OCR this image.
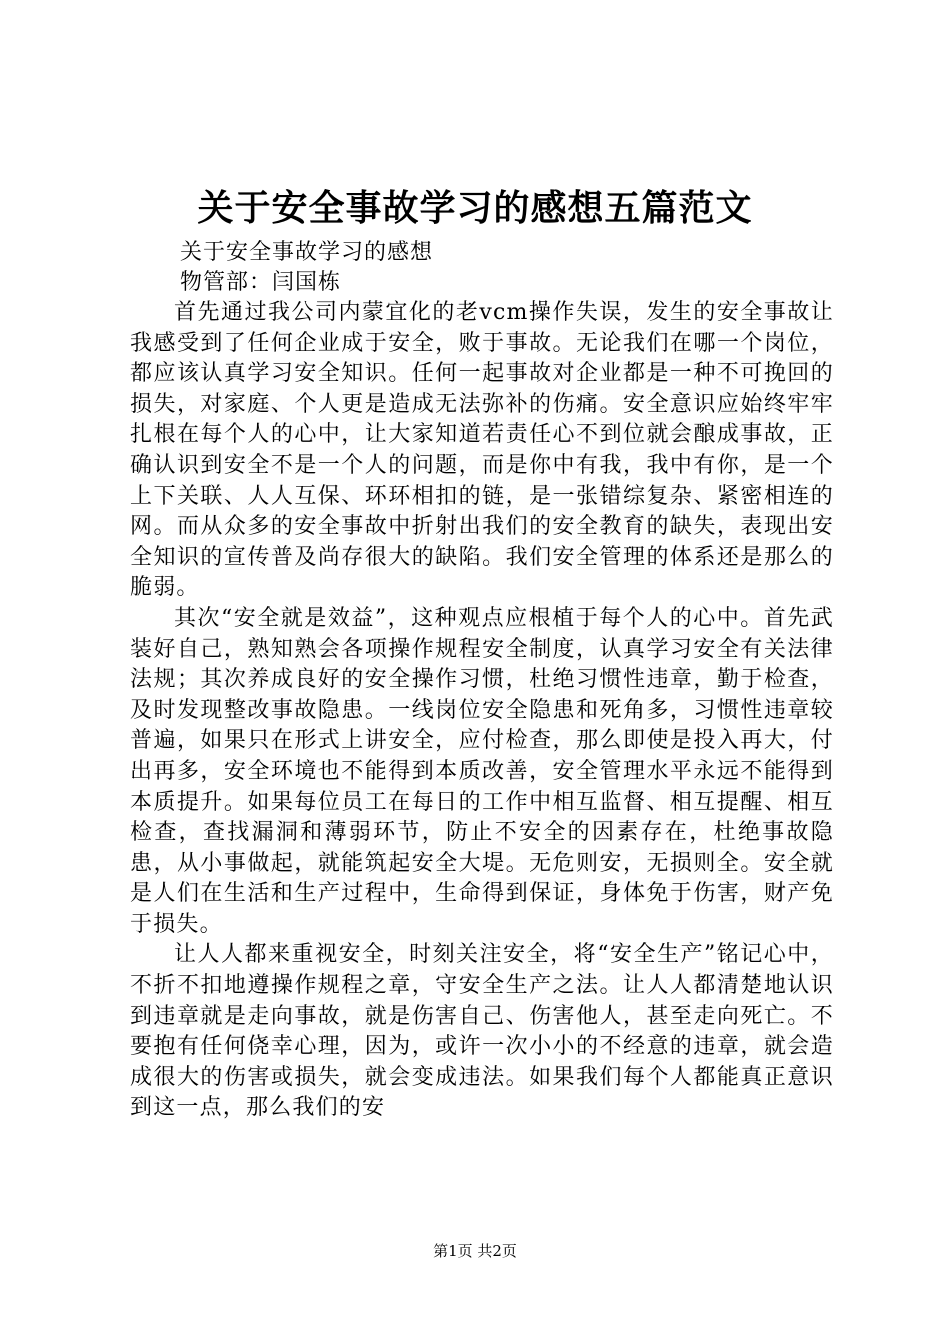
关于安全事故学习的感想五篇范文
关于安全事故学习的感想
物管部：闫国栋

首先通过我公司内蒙宜化的老vcm操作失误，发生的安全事故让我感受到了任何企业成于安全，败于事故。无论我们在哪一个岗位，都应该认真学习安全知识。任何一起事故对企业都是一种不可挽回的损失，对家庭、个人更是造成无法弥补的伤痛。安全意识应始终牢牢扎根在每个人的心中，让大家知道若责任心不到位就会酿成事故，正确认识到安全不是一个人的问题，而是你中有我，我中有你，是一个上下关联、人人互保、环环相扣的链，是一张错综复杂、紧密相连的网。而从众多的安全事故中折射出我们的安全教育的缺失，表现出安全知识的宣传普及尚存很大的缺陷。我们安全管理的体系还是那么的脆弱。

其次“安全就是效益”，这种观点应根植于每个人的心中。首先武装好自己，熟知熟会各项操作规程安全制度，认真学习安全有关法律法规；其次养成良好的安全操作习惯，杜绝习惯性违章，勤于检查，及时发现整改事故隐患。一线岗位安全隐患和死角多，习惯性违章较普遍，如果只在形式上讲安全，应付检查，那么即使是投入再大，付出再多，安全环境也不能得到本质改善，安全管理水平永远不能得到本质提升。如果每位员工在每日的工作中相互监督、相互提醒、相互检查，查找漏洞和薄弱环节，防止不安全的因素存在，杜绝事故隐患，从小事做起，就能筑起安全大堤。无危则安，无损则全。安全就是人们在生活和生产过程中，生命得到保证，身体免于伤害，财产免于损失。

让人人都来重视安全，时刻关注安全，将“安全生产”铭记心中，不折不扣地遵操作规程之章，守安全生产之法。让人人都清楚地认识到违章就是走向事故，就是伤害自己、伤害他人，甚至走向死亡。不要抱有任何侥幸心理，因为，或许一次小小的不经意的违章，就会造成很大的伤害或损失，就会变成违法。如果我们每个人都能真正意识到这一点，那么我们的安

第1页 共2页
